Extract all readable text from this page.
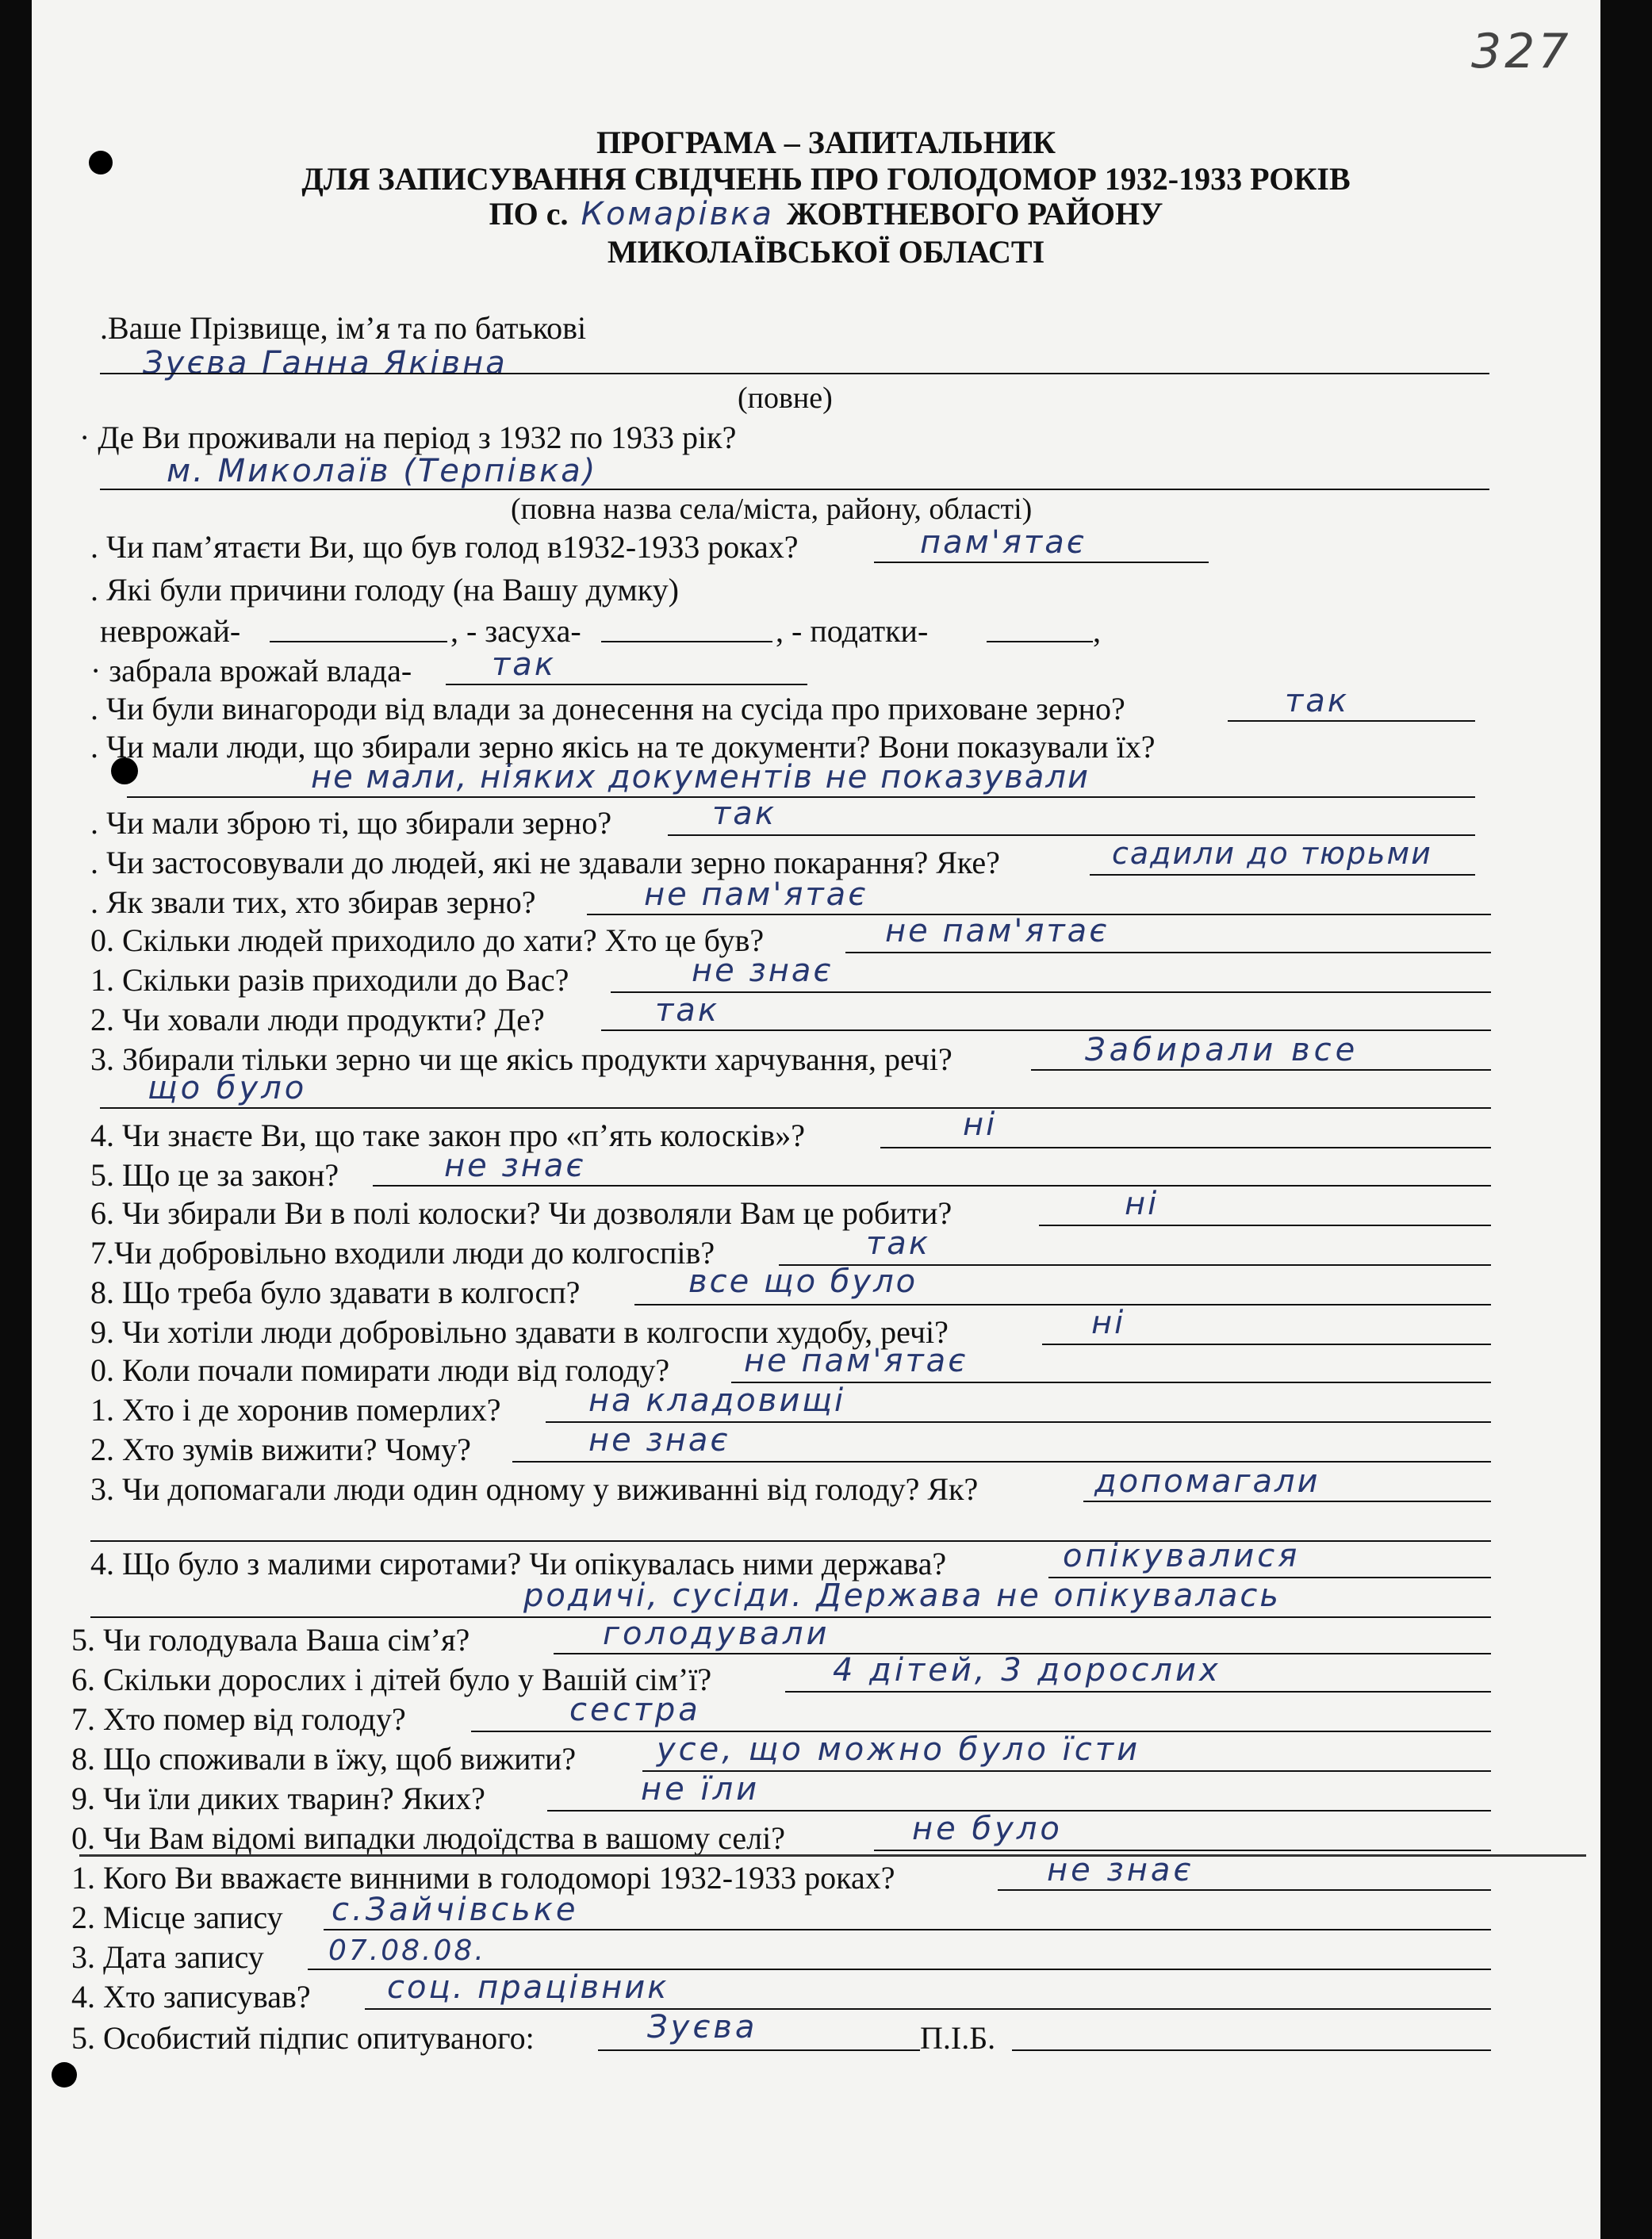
327

ПРОГРАМА – ЗАПИТАЛЬНИК

ДЛЯ ЗАПИСУВАННЯ СВІДЧЕНЬ ПРО ГОЛОДОМОР 1932-1933 РОКІВ

ПО с. Комарівка ЖОВТНЕВОГО РАЙОНУ

МИКОЛАЇВСЬКОЇ ОБЛАСТІ

.Ваше Прізвище, ім’я та по батькові

Зуєва Ганна Яківна

(повне)

· Де Ви проживали на період з 1932 по 1933 рік?

м. Миколаїв (Терпівка)

(повна назва села/міста, району, області)

. Чи пам’ятаєти Ви, що був голод в1932-1933 роках?	пам'ятає

. Які були причини голоду (на Вашу думку)

неврожай-	, - засуха-	, - податки-	,

· забрала врожай влада-	так

. Чи були винагороди від влади за донесення на сусіда про приховане зерно?	так

. Чи мали люди, що збирали зерно якісь на те документи? Вони показували їх?

не мали, ніяких документів не показували

. Чи мали зброю ті, що збирали зерно?	так

. Чи застосовували до людей, які не здавали зерно покарання? Яке?	садили до тюрьми

. Як звали тих, хто збирав зерно?	не пам'ятає

0. Скільки людей приходило до хати? Хто це був?	не пам'ятає

1. Скільки разів приходили до Вас?	не знає

2. Чи ховали люди продукти? Де?	так

3. Збирали тільки зерно чи ще якісь продукти харчування, речі?	Забирали все

що було

4. Чи знаєте Ви, що таке закон про «п’ять колосків»?	ні

5. Що це за закон?	не знає

6. Чи збирали Ви в полі колоски? Чи дозволяли Вам це робити?	ні

7.Чи добровільно входили люди до колгоспів?	так

8. Що треба було здавати в колгосп?	все що було

9. Чи хотіли люди добровільно здавати в колгоспи худобу, речі?	ні

0. Коли почали помирати люди від голоду? не пам'ятає

1. Хто і де хоронив померлих?	на кладовищі

2. Хто зумів вижити? Чому?	не знає

3. Чи допомагали люди один одному у виживанні від голоду? Як?	допомагали

4. Що було з малими сиротами? Чи опікувалась ними держава?	опікувалися

родичі, сусіди. Держава не опікувалась

5. Чи голодувала Ваша сім’я?	голодували

6. Скільки дорослих і дітей було у Вашій сім’ї?	4 дітей, 3 дорослих

7. Хто помер від голоду?	сестра

8. Що споживали в їжу, щоб вижити?	усе, що можно було їсти

9. Чи їли диких тварин? Яких?	не їли

0. Чи Вам відомі випадки людоїдства в вашому селі?	не було

1. Кого Ви вважаєте винними в голодоморі 1932-1933 роках?	не знає

2. Місце запису с.Зайчівське

3. Дата запису 07.08.08.

4. Хто записував? соц. працівник

5. Особистий підпис опитуваного:	Зуєва	П.І.Б.
